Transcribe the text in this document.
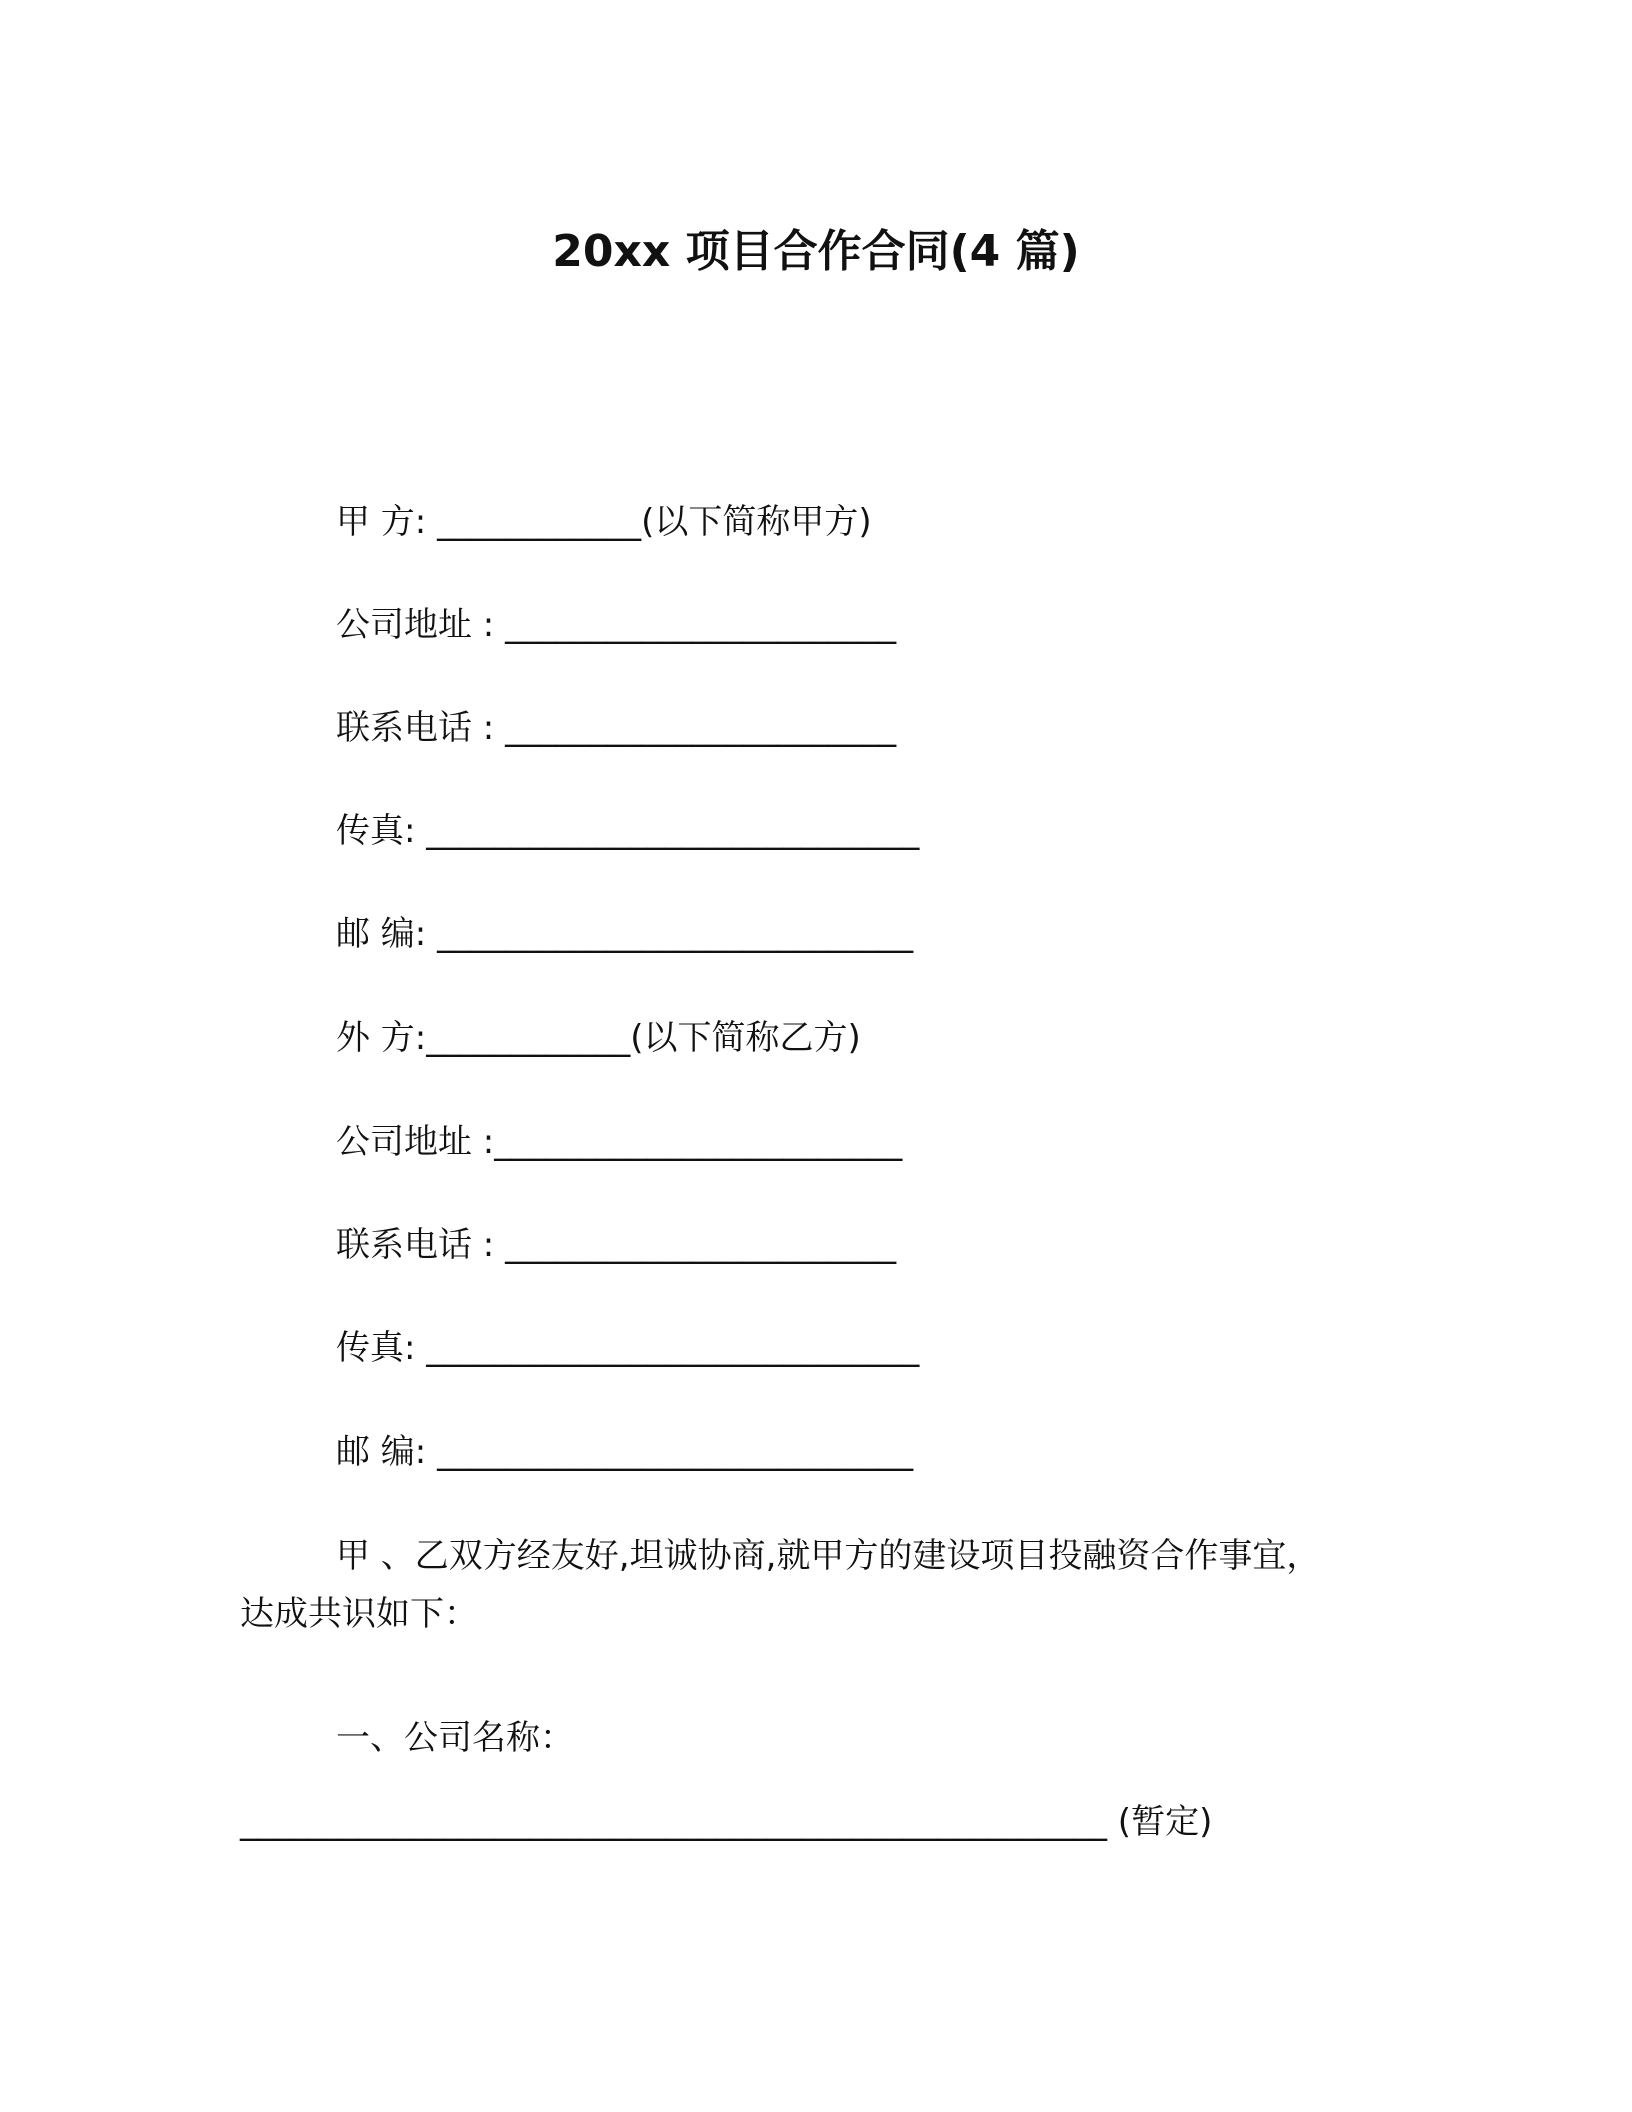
20xx 项目合作合同(4 篇)
甲 方: ____________(以下简称甲方)
公司地址 : _______________________
联系电话 : _______________________
传真: _____________________________
邮 编: ____________________________
外 方:____________(以下简称乙方)
公司地址 :________________________
联系电话 : _______________________
传真: _____________________________
邮 编: ____________________________
甲 、乙双方经友好,坦诚协商,就甲方的建设项目投融资合作事宜，
达成共识如下：
一、公司名称：
___________________________________________________ (暂定)
